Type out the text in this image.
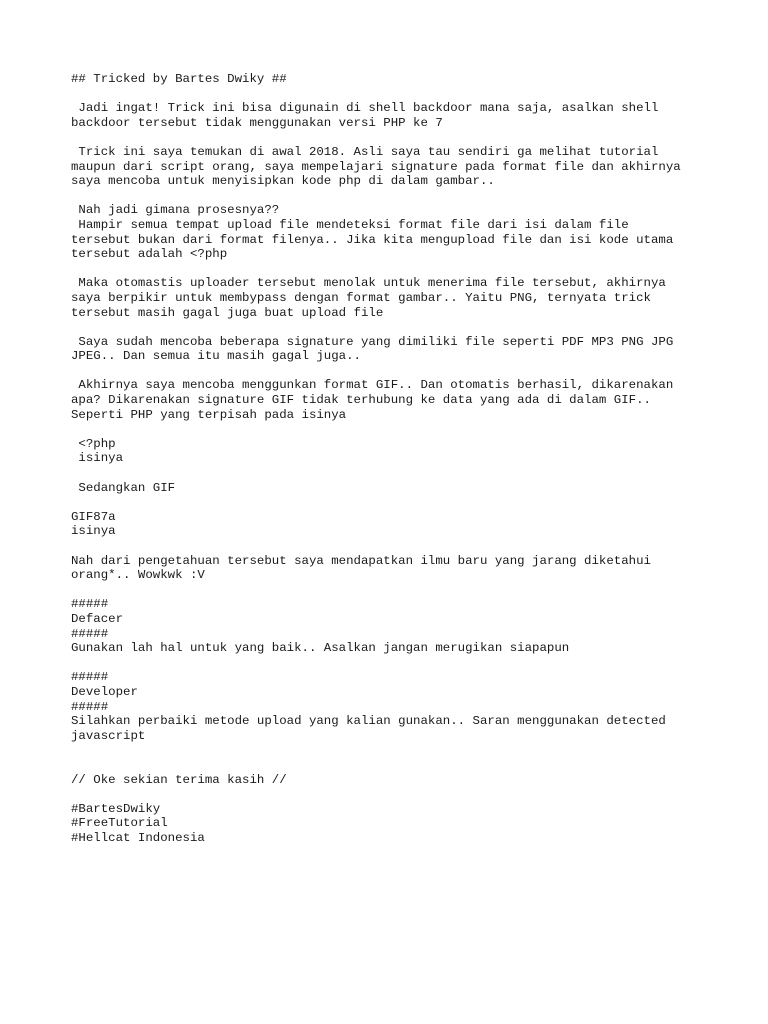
## Tricked by Bartes Dwiky ##

Jadi ingat! Trick ini bisa digunain di shell backdoor mana saja, asalkan shell
backdoor tersebut tidak menggunakan versi PHP ke 7

Trick ini saya temukan di awal 2018. Asli saya tau sendiri ga melihat tutorial
maupun dari script orang, saya mempelajari signature pada format file dan akhirnya
saya mencoba untuk menyisipkan kode php di dalam gambar..

Nah jadi gimana prosesnya??
Hampir semua tempat upload file mendeteksi format file dari isi dalam file
tersebut bukan dari format filenya.. Jika kita mengupload file dan isi kode utama
tersebut adalah <?php

Maka otomastis uploader tersebut menolak untuk menerima file tersebut, akhirnya
saya berpikir untuk membypass dengan format gambar.. Yaitu PNG, ternyata trick
tersebut masih gagal juga buat upload file

Saya sudah mencoba beberapa signature yang dimiliki file seperti PDF MP3 PNG JPG
JPEG.. Dan semua itu masih gagal juga..

Akhirnya saya mencoba menggunkan format GIF.. Dan otomatis berhasil, dikarenakan
apa? Dikarenakan signature GIF tidak terhubung ke data yang ada di dalam GIF..
Seperti PHP yang terpisah pada isinya

<?php
isinya

Sedangkan GIF

GIF87a
isinya

Nah dari pengetahuan tersebut saya mendapatkan ilmu baru yang jarang diketahui
orang*.. Wowkwk :V

#####
Defacer
#####
Gunakan lah hal untuk yang baik.. Asalkan jangan merugikan siapapun

#####
Developer
#####
Silahkan perbaiki metode upload yang kalian gunakan.. Saran menggunakan detected
javascript

// Oke sekian terima kasih //

#BartesDwiky
#FreeTutorial
#Hellcat Indonesia
